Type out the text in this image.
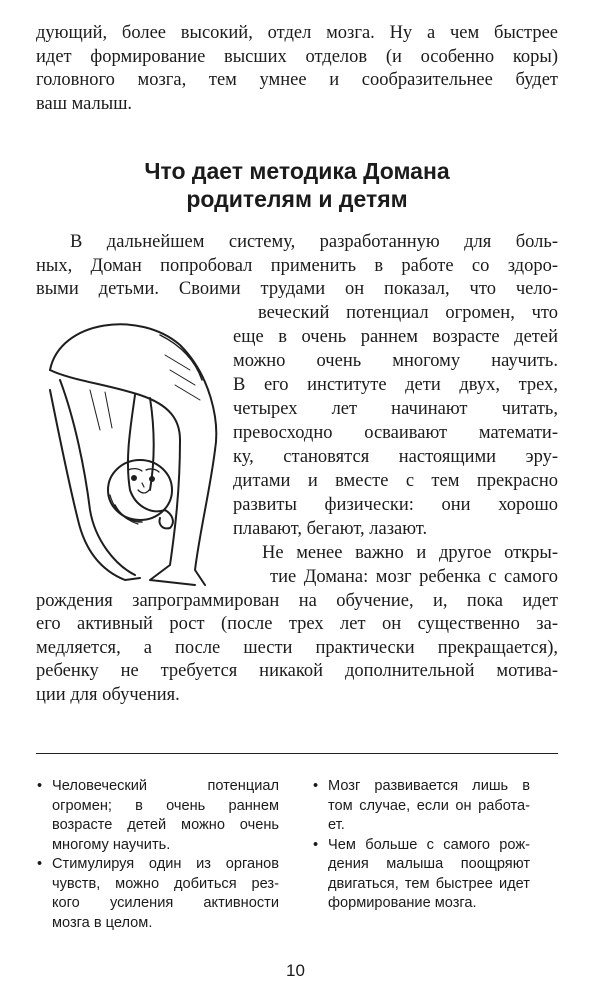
дующий, более высокий, отдел мозга. Ну а чем быстрее
идет формирование высших отделов (и особенно коры)
головного мозга, тем умнее и сообразительнее будет
ваш малыш.
Что дает методика Домана
родителям и детям
В дальнейшем систему, разработанную для боль-
ных, Доман попробовал применить в работе со здоро-
выми детьми. Своими трудами он показал, что чело-
веческий потенциал огромен, что
еще в очень раннем возрасте детей
можно очень многому научить.
В его институте дети двух, трех,
четырех лет начинают читать,
превосходно осваивают математи-
ку, становятся настоящими эру-
дитами и вместе с тем прекрасно
развиты физически: они хорошо
плавают, бегают, лазают.
Не менее важно и другое откры-
тие Домана: мозг ребенка с самого
рождения запрограммирован на обучение, и, пока идет
его активный рост (после трех лет он существенно за-
медляется, а после шести практически прекращается),
ребенку не требуется никакой дополнительной мотива-
ции для обучения.
• Человеческий потенциал
огромен; в очень раннем
возрасте детей можно очень
многому научить.
• Стимулируя один из органов
чувств, можно добиться рез-
кого усиления активности
мозга в целом.
• Мозг развивается лишь в
том случае, если он работа-
ет.
• Чем больше с самого рож-
дения малыша поощряют
двигаться, тем быстрее идет
формирование мозга.
10
